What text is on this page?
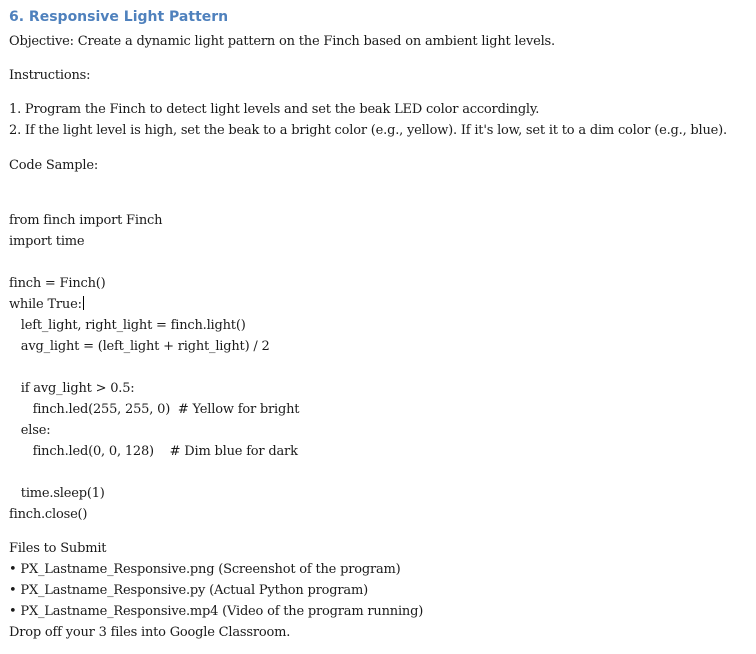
6. Responsive Light Pattern
Objective: Create a dynamic light pattern on the Finch based on ambient light levels.
Instructions:
1. Program the Finch to detect light levels and set the beak LED color accordingly.
2. If the light level is high, set the beak to a bright color (e.g., yellow). If it's low, set it to a dim color (e.g., blue).
Code Sample:
from finch import Finch
import time
finch = Finch()
while True:
left_light, right_light = finch.light()
avg_light = (left_light + right_light) / 2
if avg_light > 0.5:
finch.led(255, 255, 0)  # Yellow for bright
else:
finch.led(0, 0, 128)    # Dim blue for dark
time.sleep(1)
finch.close()
Files to Submit
• PX_Lastname_Responsive.png (Screenshot of the program)
• PX_Lastname_Responsive.py (Actual Python program)
• PX_Lastname_Responsive.mp4 (Video of the program running)
Drop off your 3 files into Google Classroom.
